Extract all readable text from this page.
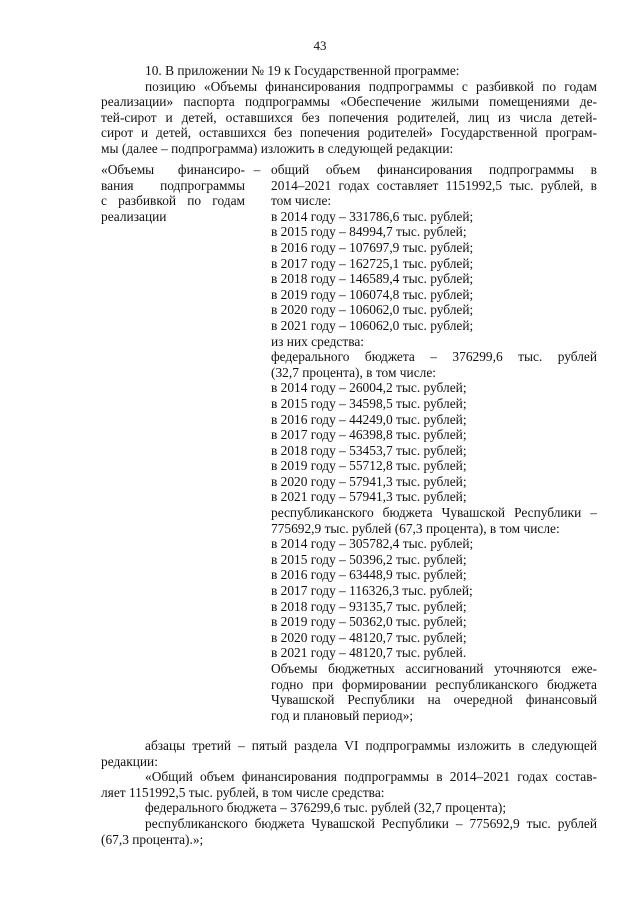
43
10. В приложении № 19 к Государственной программе:
позицию «Объемы финансирования подпрограммы с разбивкой по годам
реализации» паспорта подпрограммы «Обеспечение жилыми помещениями де-
тей-сирот и детей, оставшихся без попечения родителей, лиц из числа детей-
сирот и детей, оставшихся без попечения родителей» Государственной програм-
мы (далее – подпрограмма) изложить в следующей редакции:
«Объемы финансиро-
вания подпрограммы
с разбивкой по годам
реализации
– общий объем финансирования подпрограммы в
2014–2021 годах составляет 1151992,5 тыс. рублей, в
том числе:
в 2014 году – 331786,6 тыс. рублей;
в 2015 году – 84994,7 тыс. рублей;
в 2016 году – 107697,9 тыс. рублей;
в 2017 году – 162725,1 тыс. рублей;
в 2018 году – 146589,4 тыс. рублей;
в 2019 году – 106074,8 тыс. рублей;
в 2020 году – 106062,0 тыс. рублей;
в 2021 году – 106062,0 тыс. рублей;
из них средства:
федерального бюджета – 376299,6 тыс. рублей
(32,7 процента), в том числе:
в 2014 году – 26004,2 тыс. рублей;
в 2015 году – 34598,5 тыс. рублей;
в 2016 году – 44249,0 тыс. рублей;
в 2017 году – 46398,8 тыс. рублей;
в 2018 году – 53453,7 тыс. рублей;
в 2019 году – 55712,8 тыс. рублей;
в 2020 году – 57941,3 тыс. рублей;
в 2021 году – 57941,3 тыс. рублей;
республиканского бюджета Чувашской Республики –
775692,9 тыс. рублей (67,3 процента), в том числе:
в 2014 году – 305782,4 тыс. рублей;
в 2015 году – 50396,2 тыс. рублей;
в 2016 году – 63448,9 тыс. рублей;
в 2017 году – 116326,3 тыс. рублей;
в 2018 году – 93135,7 тыс. рублей;
в 2019 году – 50362,0 тыс. рублей;
в 2020 году – 48120,7 тыс. рублей;
в 2021 году – 48120,7 тыс. рублей.
Объемы бюджетных ассигнований уточняются еже-
годно при формировании республиканского бюджета
Чувашской Республики на очередной финансовый
год и плановый период»;
абзацы третий – пятый раздела VI подпрограммы изложить в следующей
редакции:
«Общий объем финансирования подпрограммы в 2014–2021 годах состав-
ляет 1151992,5 тыс. рублей, в том числе средства:
федерального бюджета – 376299,6 тыс. рублей (32,7 процента);
республиканского бюджета Чувашской Республики – 775692,9 тыс. рублей
(67,3 процента).»;
